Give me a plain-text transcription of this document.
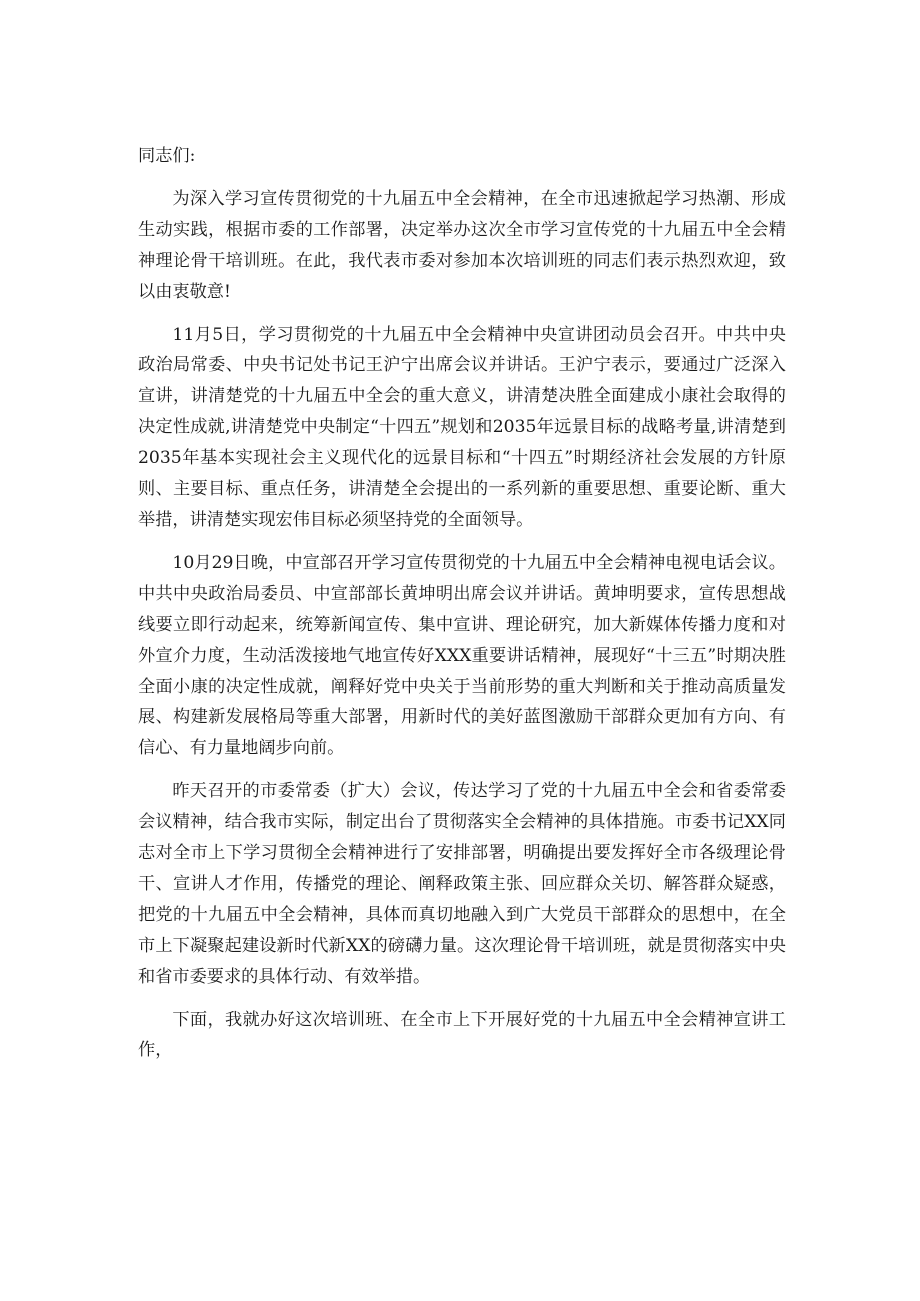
同志们:

为深入学习宣传贯彻党的十九届五中全会精神，在全市迅速掀起学习热潮、形成生动实践，根据市委的工作部署，决定举办这次全市学习宣传党的十九届五中全会精神理论骨干培训班。在此，我代表市委对参加本次培训班的同志们表示热烈欢迎，致以由衷敬意!

11月5日，学习贯彻党的十九届五中全会精神中央宣讲团动员会召开。中共中央政治局常委、中央书记处书记王沪宁出席会议并讲话。王沪宁表示，要通过广泛深入宣讲，讲清楚党的十九届五中全会的重大意义，讲清楚决胜全面建成小康社会取得的决定性成就,讲清楚党中央制定“十四五”规划和2035年远景目标的战略考量,讲清楚到2035年基本实现社会主义现代化的远景目标和“十四五”时期经济社会发展的方针原则、主要目标、重点任务，讲清楚全会提出的一系列新的重要思想、重要论断、重大举措，讲清楚实现宏伟目标必须坚持党的全面领导。

10月29日晚，中宣部召开学习宣传贯彻党的十九届五中全会精神电视电话会议。中共中央政治局委员、中宣部部长黄坤明出席会议并讲话。黄坤明要求，宣传思想战线要立即行动起来，统筹新闻宣传、集中宣讲、理论研究，加大新媒体传播力度和对外宣介力度，生动活泼接地气地宣传好XXX重要讲话精神，展现好“十三五”时期决胜全面小康的决定性成就，阐释好党中央关于当前形势的重大判断和关于推动高质量发展、构建新发展格局等重大部署，用新时代的美好蓝图激励干部群众更加有方向、有信心、有力量地阔步向前。

昨天召开的市委常委（扩大）会议，传达学习了党的十九届五中全会和省委常委会议精神，结合我市实际，制定出台了贯彻落实全会精神的具体措施。市委书记XX同志对全市上下学习贯彻全会精神进行了安排部署，明确提出要发挥好全市各级理论骨干、宣讲人才作用，传播党的理论、阐释政策主张、回应群众关切、解答群众疑惑，把党的十九届五中全会精神，具体而真切地融入到广大党员干部群众的思想中，在全市上下凝聚起建设新时代新XX的磅礴力量。这次理论骨干培训班，就是贯彻落实中央和省市委要求的具体行动、有效举措。

下面，我就办好这次培训班、在全市上下开展好党的十九届五中全会精神宣讲工作，
